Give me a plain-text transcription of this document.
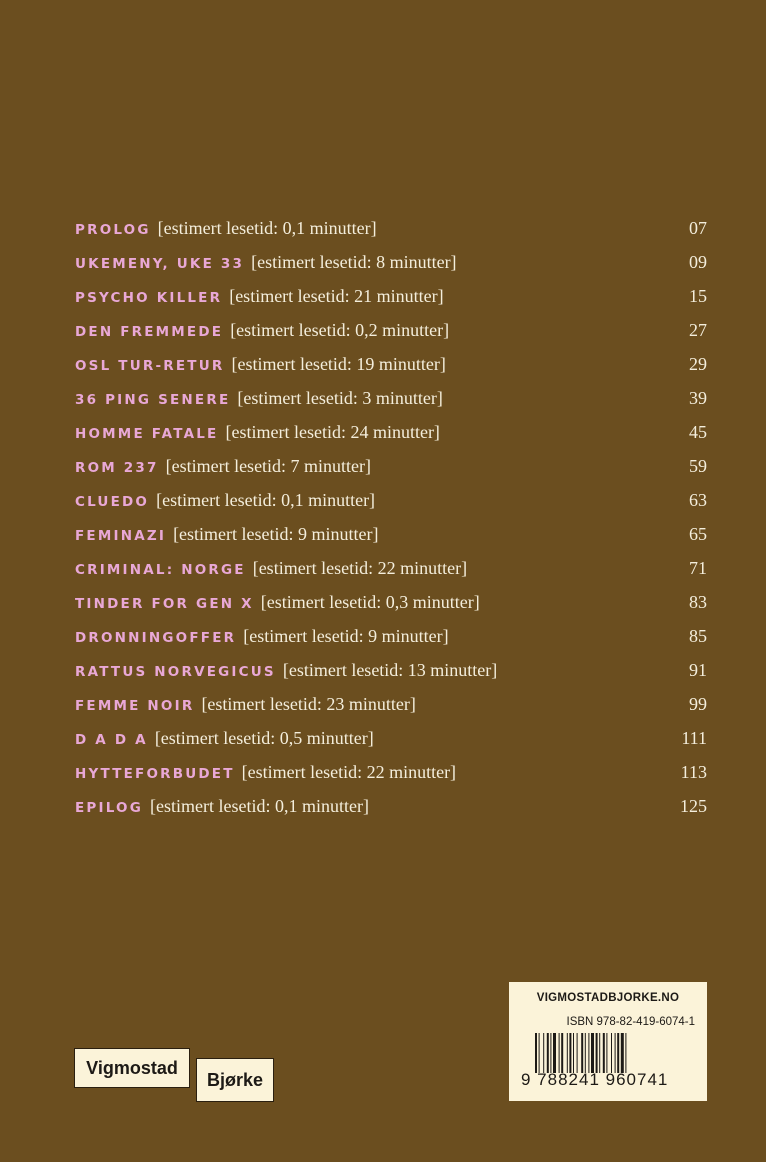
PROLOG [estimert lesetid: 0,1 minutter]	07
UKEMENY, UKE 33 [estimert lesetid: 8 minutter]	09
PSYCHO KILLER [estimert lesetid: 21 minutter]	15
DEN FREMMEDE [estimert lesetid: 0,2 minutter]	27
OSL TUR-RETUR [estimert lesetid: 19 minutter]	29
36 PING SENERE [estimert lesetid: 3 minutter]	39
HOMME FATALE [estimert lesetid: 24 minutter]	45
ROM 237 [estimert lesetid: 7 minutter]	59
CLUEDO [estimert lesetid: 0,1 minutter]	63
FEMINAZI [estimert lesetid: 9 minutter]	65
CRIMINAL: NORGE [estimert lesetid: 22 minutter]	71
TINDER FOR GEN X [estimert lesetid: 0,3 minutter]	83
DRONNINGOFFER [estimert lesetid: 9 minutter]	85
RATTUS NORVEGICUS [estimert lesetid: 13 minutter]	91
FEMME NOIR [estimert lesetid: 23 minutter]	99
D A D A [estimert lesetid: 0,5 minutter]	111
HYTTEFORBUDET [estimert lesetid: 22 minutter]	113
EPILOG [estimert lesetid: 0,1 minutter]	125
Vigmostad
Bjørke
VIGMOSTADBJORKE.NO
ISBN 978-82-419-6074-1
9 788241 960741
